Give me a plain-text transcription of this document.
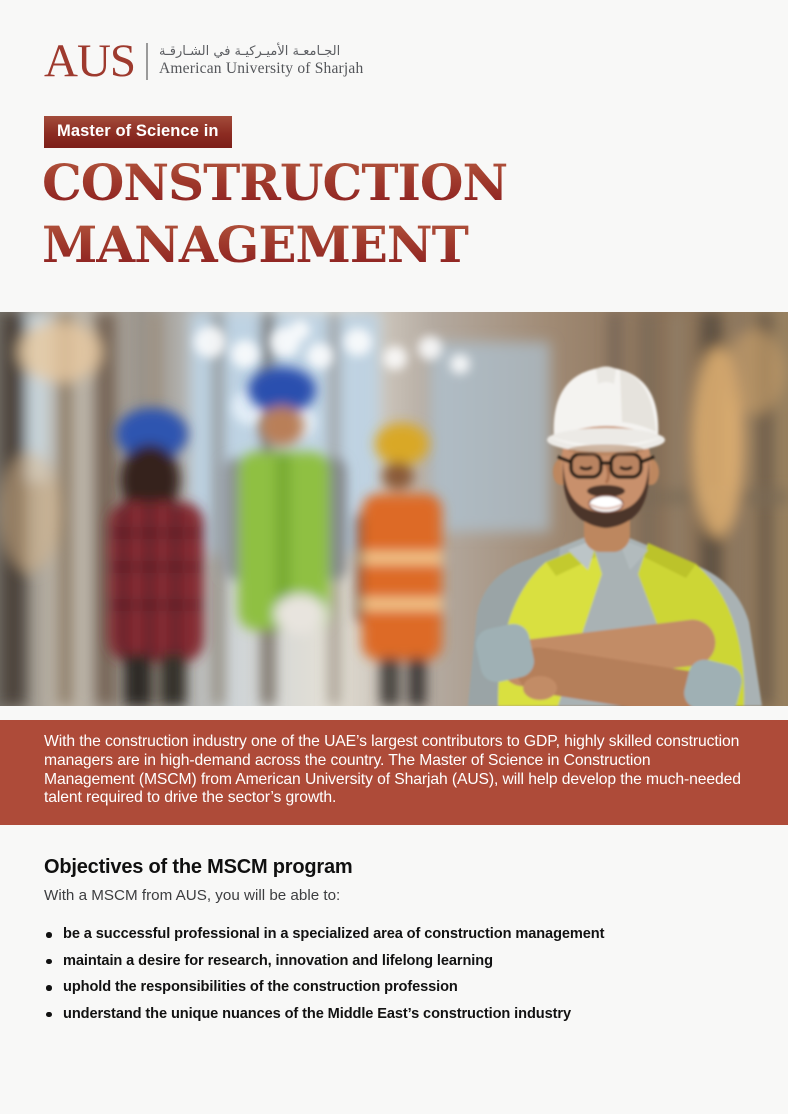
AUS الجـامعـة الأميـركيـة في الشـارقـة
American University of Sharjah
Master of Science in
CONSTRUCTION
MANAGEMENT

With the construction industry one of the UAE’s largest contributors to GDP, highly skilled construction managers are in high-demand across the country. The Master of Science in Construction Management (MSCM) from American University of Sharjah (AUS), will help develop the much-needed talent required to drive the sector’s growth.

Objectives of the MSCM program

With a MSCM from AUS, you will be able to:

be a successful professional in a specialized area of construction management
maintain a desire for research, innovation and lifelong learning
uphold the responsibilities of the construction profession
understand the unique nuances of the Middle East’s construction industry
